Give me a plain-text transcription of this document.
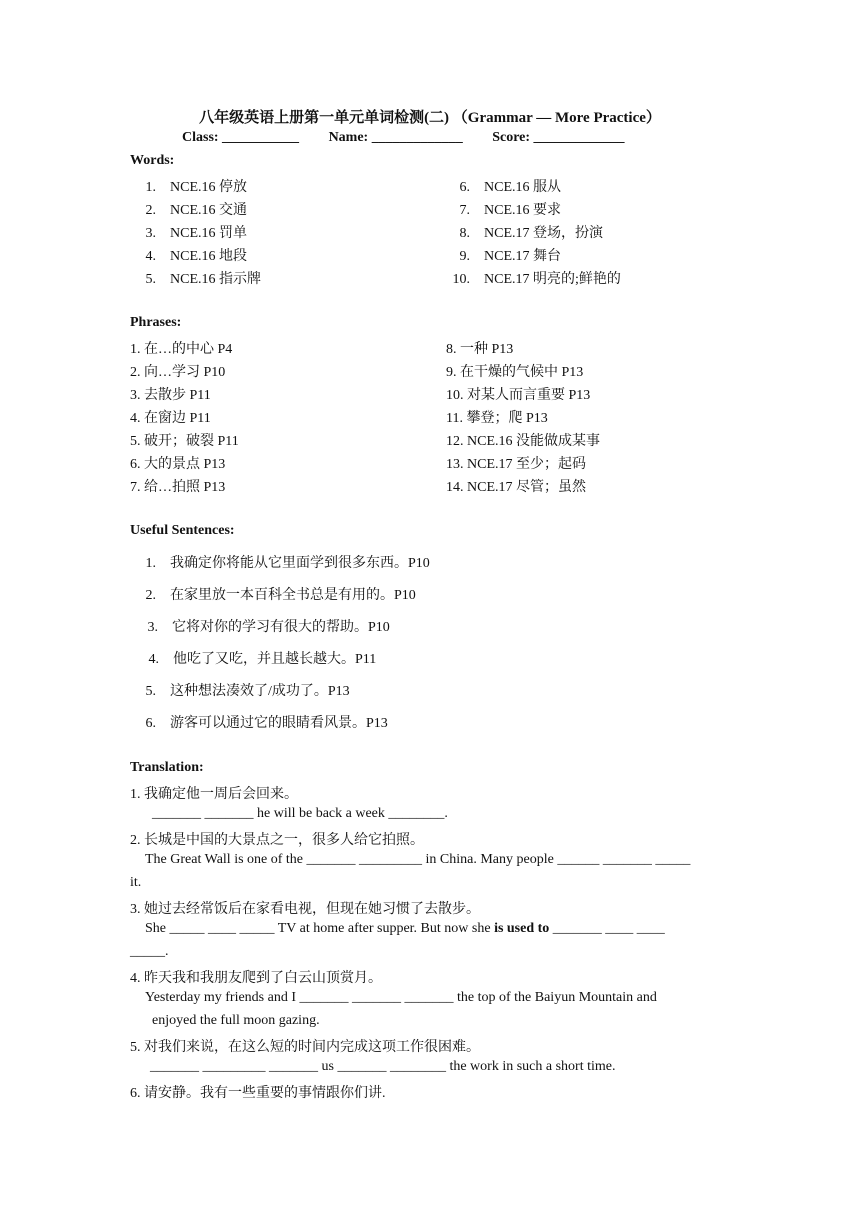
八年级英语上册第一单元单词检测(二) （Grammar — More Practice）
Class: ___________ Name: _____________ Score: _____________
Words:
1. NCE.16 停放
2. NCE.16 交通
3. NCE.16 罚单
4. NCE.16 地段
5. NCE.16 指示牌
6. NCE.16 服从
7. NCE.16 要求
8. NCE.17 登场，扮演
9. NCE.17 舞台
10. NCE.17 明亮的;鲜艳的
Phrases:
1. 在…的中心 P4
2. 向…学习 P10
3. 去散步 P11
4. 在窗边 P11
5. 破开；破裂 P11
6. 大的景点 P13
7. 给…拍照 P13
8. 一种 P13
9. 在干燥的气候中 P13
10. 对某人而言重要 P13
11. 攀登；爬 P13
12. NCE.16 没能做成某事
13. NCE.17 至少；起码
14. NCE.17 尽管；虽然
Useful Sentences:
1. 我确定你将能从它里面学到很多东西。P10
2. 在家里放一本百科全书总是有用的。P10
3. 它将对你的学习有很大的帮助。P10
4. 他吃了又吃，并且越长越大。P11
5. 这种想法凑效了/成功了。P13
6. 游客可以通过它的眼睛看风景。P13
Translation:
1. 我确定他一周后会回来。
_______ _______ he will be back a week ________.
2. 长城是中国的大景点之一，很多人给它拍照。
The Great Wall is one of the _______ _________ in China. Many people ______ _______ _____
it.
3. 她过去经常饭后在家看电视，但现在她习惯了去散步。
She _____ ____ _____ TV at home after supper. But now she is used to _______ ____ ____
_____.
4. 昨天我和我朋友爬到了白云山顶赏月。
Yesterday my friends and I _______ _______ _______ the top of the Baiyun Mountain and
enjoyed the full moon gazing.
5. 对我们来说，在这么短的时间内完成这项工作很困难。
_______ _________ _______ us _______ ________ the work in such a short time.
6. 请安静。我有一些重要的事情跟你们讲.
